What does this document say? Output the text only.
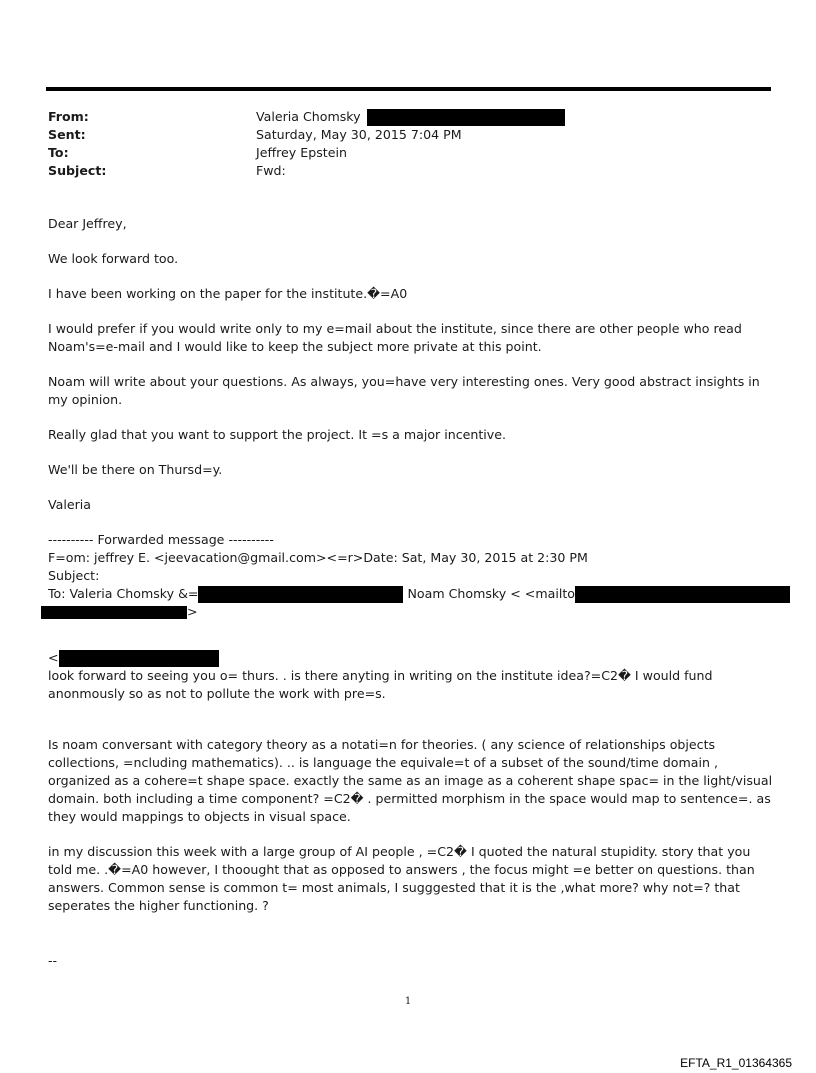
From:	Valeria Chomsky
Sent:	Saturday, May 30, 2015 7:04 PM
To:	Jeffrey Epstein
Subject:	Fwd:

Dear Jeffrey,

We look forward too.

I have been working on the paper for the institute.�=A0

I would prefer if you would write only to my e=mail about the institute, since there are other people who read Noam's=e-mail and I would like to keep the subject more private at this point.

Noam will write about your questions. As always, you=have very interesting ones. Very good abstract insights in my opinion.

Really glad that you want to support the project. It =s a major incentive.

We'll be there on Thursd=y.

Valeria

---------- Forwarded message ----------

F=om: jeffrey E. <jeevacation@gmail.com><=r>Date: Sat, May 30, 2015 at 2:30 PM

Subject:

To: Valeria Chomsky &=	Noam Chomsky < <mailto

>

<

look forward to seeing you o= thurs. . is there anyting in writing on the institute idea?=C2� I would fund anonmously so as not to pollute the work with pre=s.

Is noam conversant with category theory as a notati=n for theories. ( any science of relationships objects collections, =ncluding mathematics). .. is language the equivale=t of a subset of the sound/time domain , organized as a cohere=t shape space. exactly the same as an image as a coherent shape spac= in the light/visual domain. both including a time component? =C2� . permitted morphism in the space would map to sentence=. as they would mappings to objects in visual space.

in my discussion this week with a large group of AI people , =C2� I quoted the natural stupidity. story that you told me. .�=A0 however, I thoought that as opposed to answers , the focus might =e better on questions. than answers. Common sense is common t= most animals, I sugggested that it is the ,what more? why not=? that seperates the higher functioning. ?

--

1
EFTA_R1_01364365
